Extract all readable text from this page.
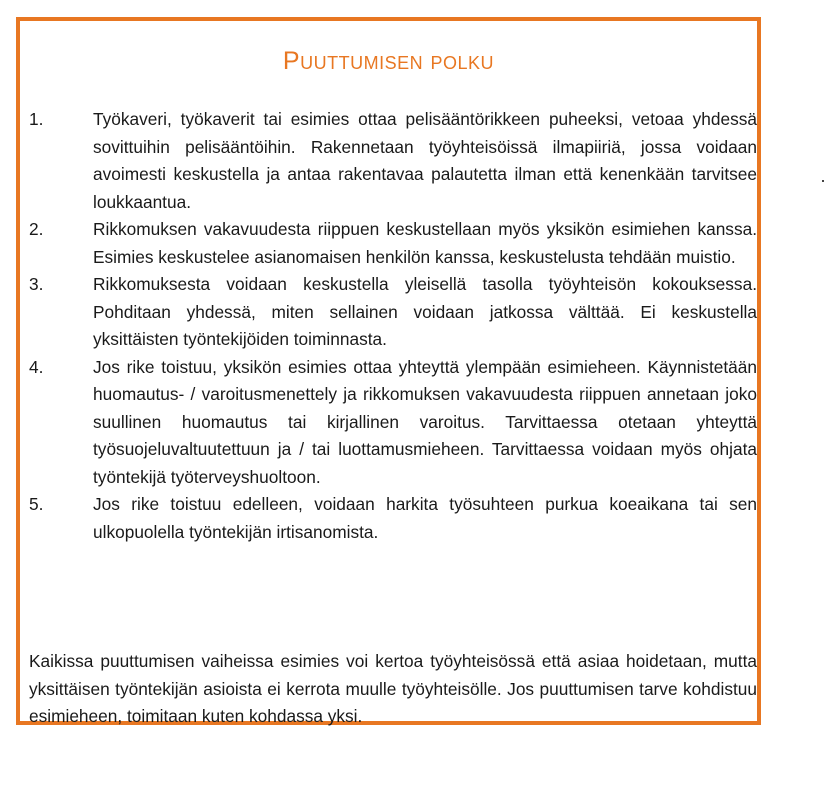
Puuttumisen polku
1.	Työkaveri, työkaverit tai esimies ottaa pelisääntörikkeen puheeksi, vetoaa yhdessä sovittuihin pelisääntöihin. Rakennetaan työyhteisöissä ilmapiiriä, jossa voidaan avoimesti keskustella ja antaa rakentavaa palautetta ilman että kenenkään tarvitsee loukkaantua.
2.	Rikkomuksen vakavuudesta riippuen keskustellaan myös yksikön esimiehen kanssa. Esimies keskustelee asianomaisen henkilön kanssa, keskustelusta tehdään muistio.
3.	Rikkomuksesta voidaan keskustella yleisellä tasolla työyhteisön kokouksessa. Pohditaan yhdessä, miten sellainen voidaan jatkossa välttää. Ei keskustella yksittäisten työntekijöiden toiminnasta.
4.	Jos rike toistuu, yksikön esimies ottaa yhteyttä ylempään esimieheen. Käynnistetään huomautus- / varoitusmenettely ja rikkomuksen vakavuudesta riippuen annetaan joko suullinen huomautus tai kirjallinen varoitus. Tarvittaessa otetaan yhteyttä työsuojeluvaltuutettuun ja / tai luottamusmieheen. Tarvittaessa voidaan myös ohjata työntekijä työterveyshuoltoon.
5.	Jos rike toistuu edelleen, voidaan harkita työsuhteen purkua koeaikana tai sen ulkopuolella työntekijän irtisanomista.

Kaikissa puuttumisen vaiheissa esimies voi kertoa työyhteisössä että asiaa hoidetaan, mutta yksittäisen työntekijän asioista ei kerrota muulle työyhteisölle. Jos puuttumisen tarve kohdistuu esimieheen, toimitaan kuten kohdassa yksi.
